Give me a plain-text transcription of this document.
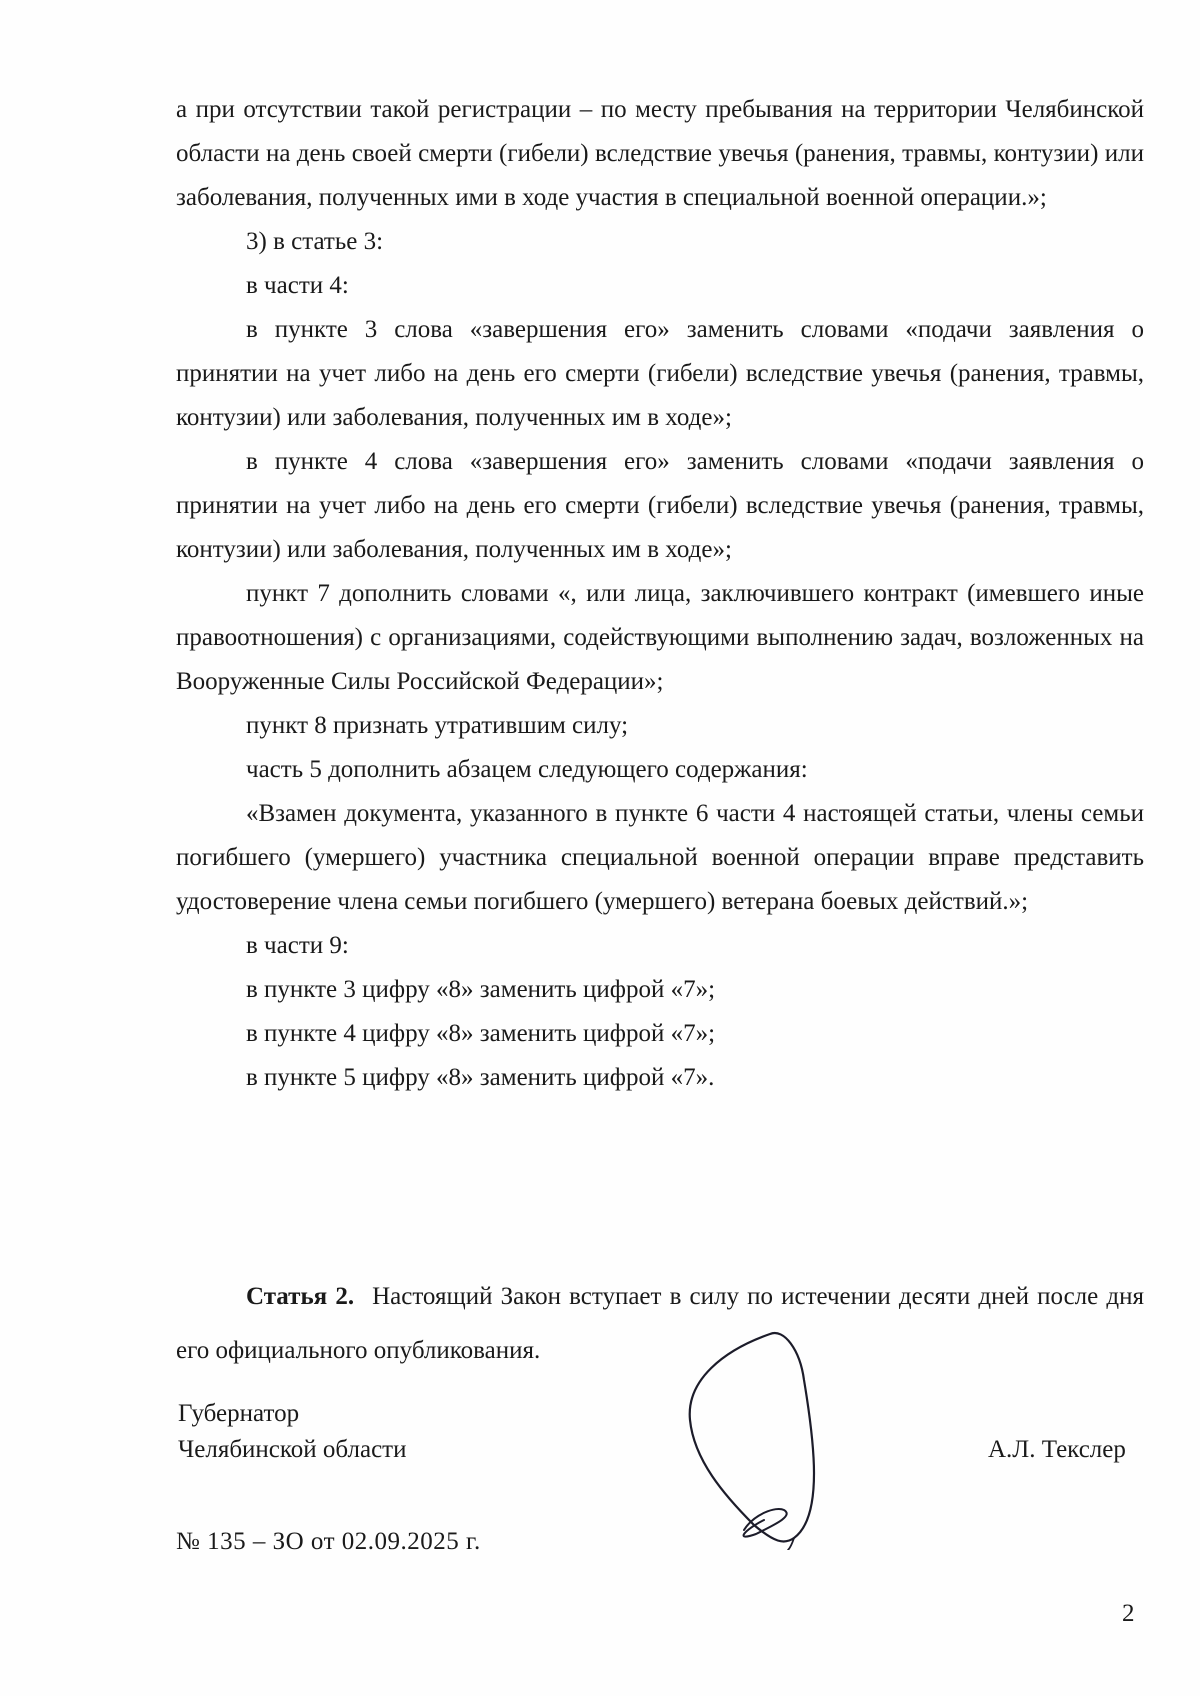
а при отсутствии такой регистрации – по месту пребывания на территории Челябинской области на день своей смерти (гибели) вследствие увечья (ранения, травмы, контузии) или заболевания, полученных ими в ходе участия в специальной военной операции.»;

3) в статье 3:

в части 4:

в пункте 3 слова «завершения его» заменить словами «подачи заявления о принятии на учет либо на день его смерти (гибели) вследствие увечья (ранения, травмы, контузии) или заболевания, полученных им в ходе»;

в пункте 4 слова «завершения его» заменить словами «подачи заявления о принятии на учет либо на день его смерти (гибели) вследствие увечья (ранения, травмы, контузии) или заболевания, полученных им в ходе»;

пункт 7 дополнить словами «, или лица, заключившего контракт (имевшего иные правоотношения) с организациями, содействующими выполнению задач, возложенных на Вооруженные Силы Российской Федерации»;

пункт 8 признать утратившим силу;

часть 5 дополнить абзацем следующего содержания:

«Взамен документа, указанного в пункте 6 части 4 настоящей статьи, члены семьи погибшего (умершего) участника специальной военной операции вправе представить удостоверение члена семьи погибшего (умершего) ветерана боевых действий.»;

в части 9:

в пункте 3 цифру «8» заменить цифрой «7»;

в пункте 4 цифру «8» заменить цифрой «7»;

в пункте 5 цифру «8» заменить цифрой «7».

Статья 2. Настоящий Закон вступает в силу по истечении десяти дней после дня его официального опубликования.

Губернатор
Челябинской области	А.Л. Текслер
№ 135 – ЗО от 02.09.2025 г.
2
